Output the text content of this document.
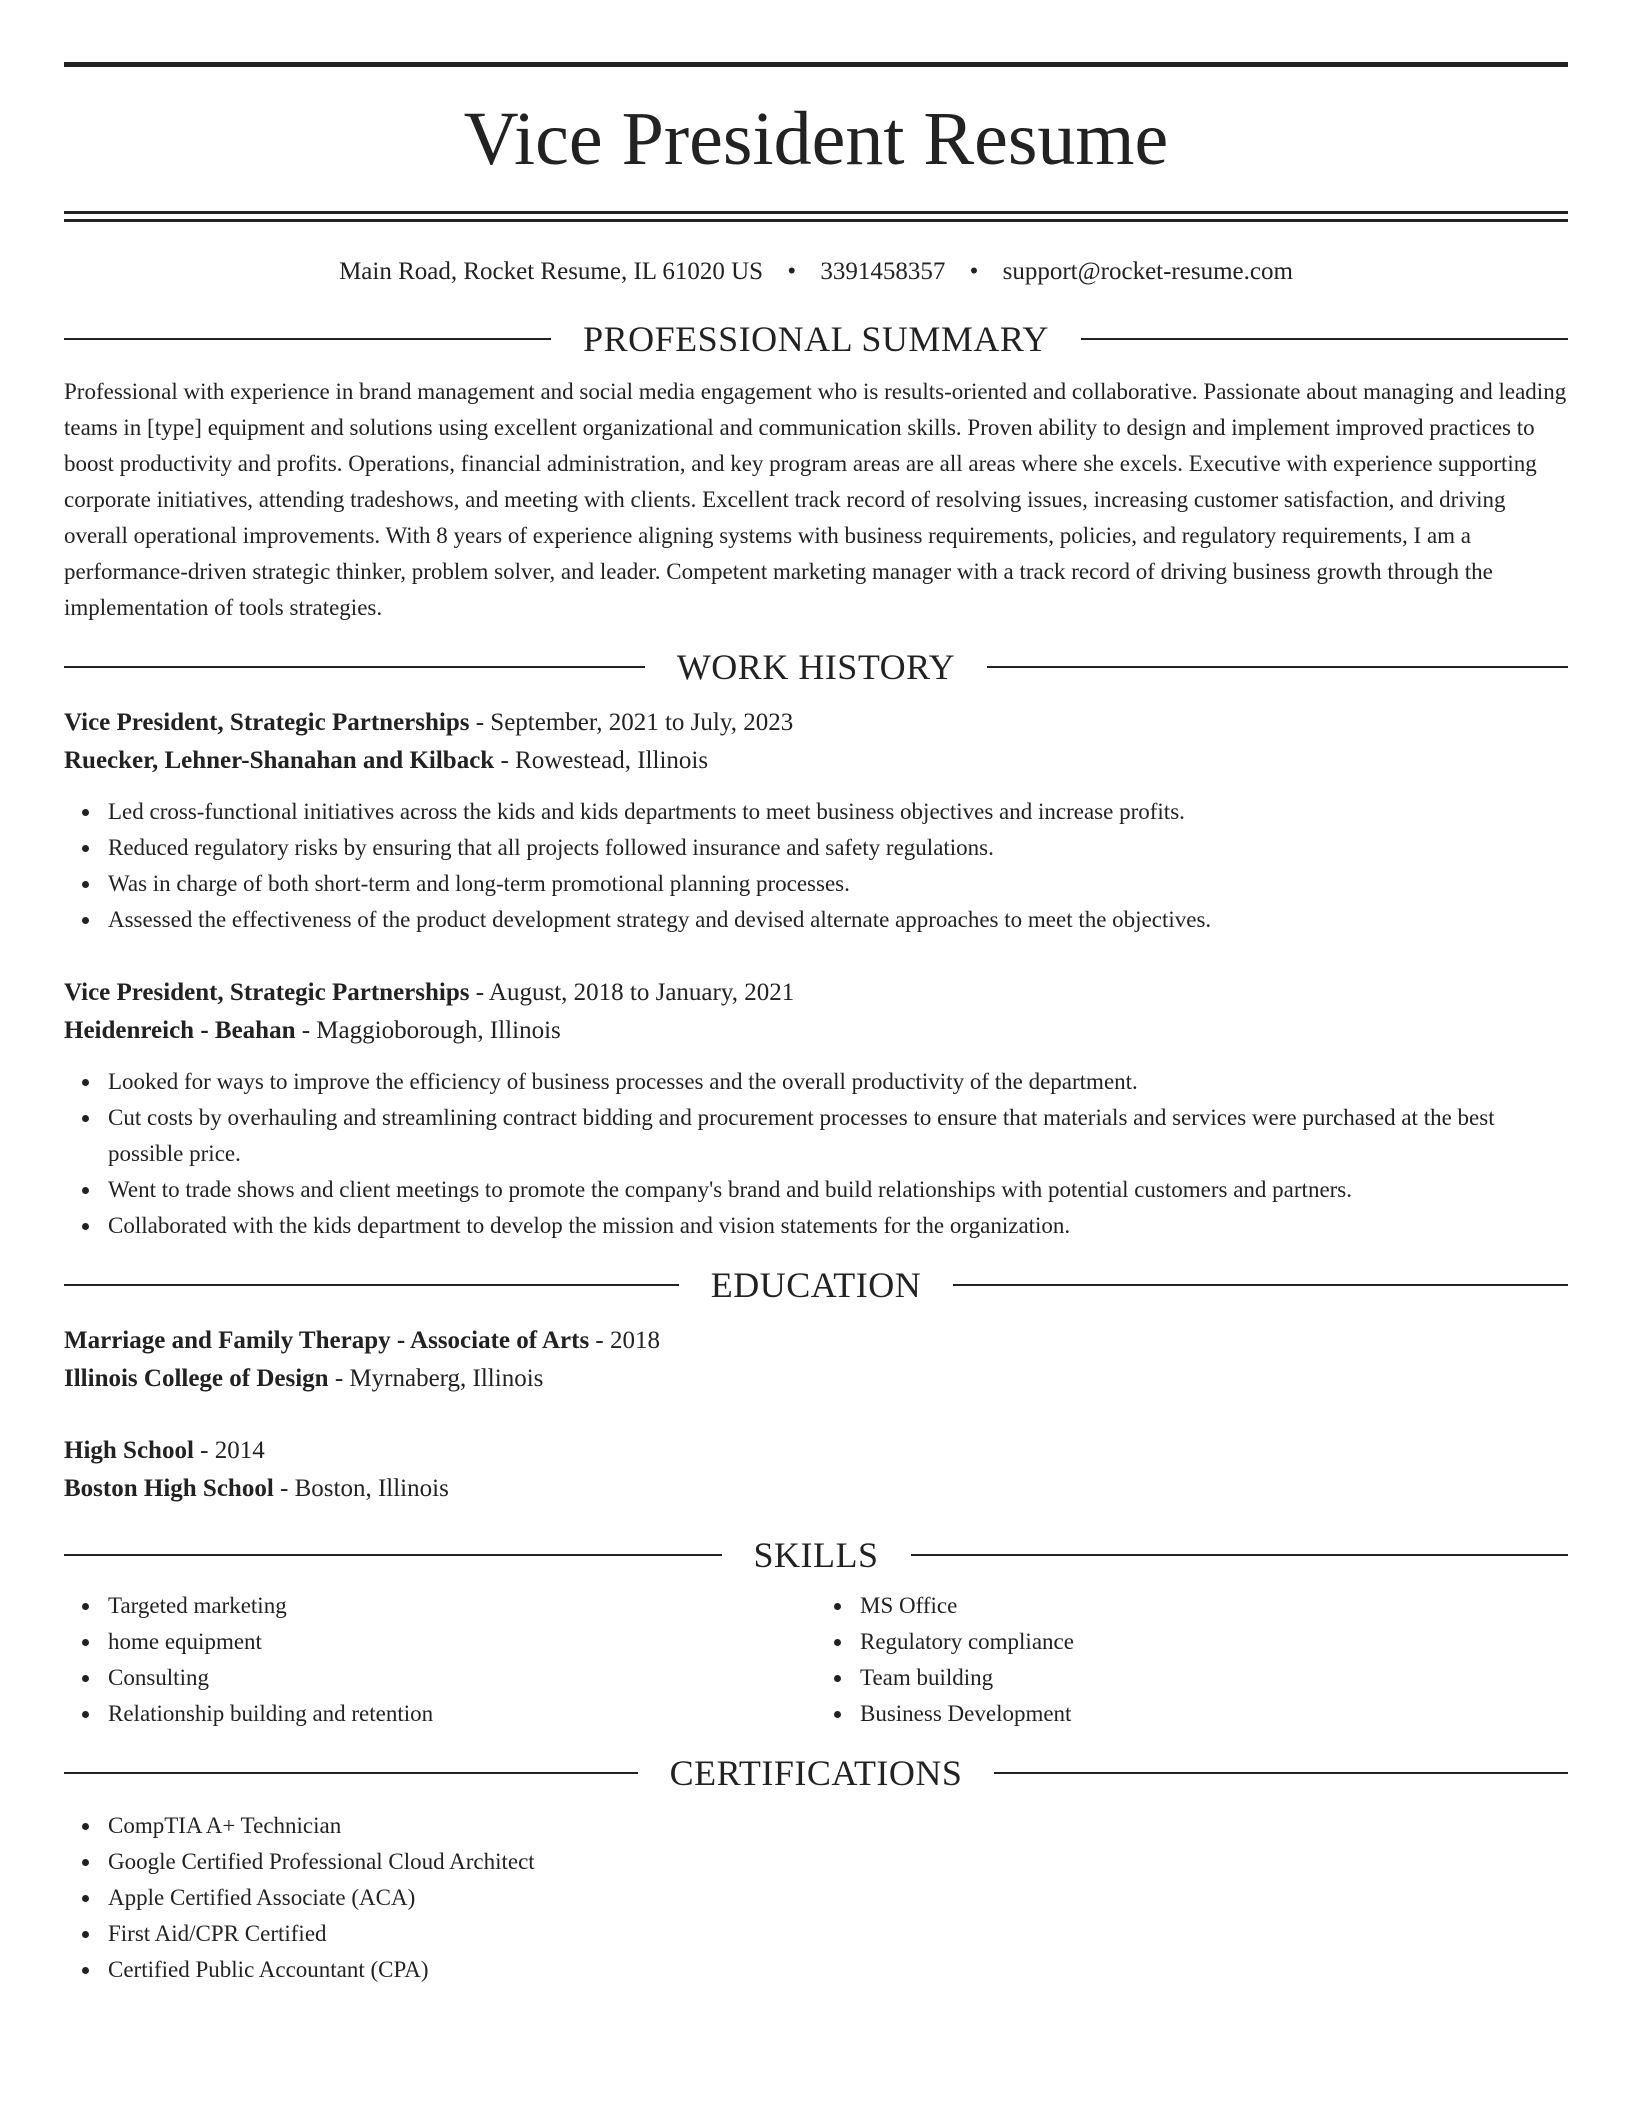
Vice President Resume
Main Road, Rocket Resume, IL 61020 US • 3391458357 • support@rocket-resume.com
PROFESSIONAL SUMMARY

Professional with experience in brand management and social media engagement who is results-oriented and collaborative. Passionate about managing and leading teams in [type] equipment and solutions using excellent organizational and communication skills. Proven ability to design and implement improved practices to boost productivity and profits. Operations, financial administration, and key program areas are all areas where she excels. Executive with experience supporting corporate initiatives, attending tradeshows, and meeting with clients. Excellent track record of resolving issues, increasing customer satisfaction, and driving overall operational improvements. With 8 years of experience aligning systems with business requirements, policies, and regulatory requirements, I am a performance-driven strategic thinker, problem solver, and leader. Competent marketing manager with a track record of driving business growth through the implementation of tools strategies.

WORK HISTORY
Vice President, Strategic Partnerships - September, 2021 to July, 2023
Ruecker, Lehner-Shanahan and Kilback - Rowestead, Illinois
Led cross-functional initiatives across the kids and kids departments to meet business objectives and increase profits.
Reduced regulatory risks by ensuring that all projects followed insurance and safety regulations.
Was in charge of both short-term and long-term promotional planning processes.
Assessed the effectiveness of the product development strategy and devised alternate approaches to meet the objectives.
Vice President, Strategic Partnerships - August, 2018 to January, 2021
Heidenreich - Beahan - Maggioborough, Illinois
Looked for ways to improve the efficiency of business processes and the overall productivity of the department.
Cut costs by overhauling and streamlining contract bidding and procurement processes to ensure that materials and services were purchased at the best possible price.
Went to trade shows and client meetings to promote the company's brand and build relationships with potential customers and partners.
Collaborated with the kids department to develop the mission and vision statements for the organization.
EDUCATION
Marriage and Family Therapy - Associate of Arts - 2018
Illinois College of Design - Myrnaberg, Illinois
High School - 2014
Boston High School - Boston, Illinois
SKILLS
Targeted marketing
home equipment
Consulting
Relationship building and retention
MS Office
Regulatory compliance
Team building
Business Development
CERTIFICATIONS
CompTIA A+ Technician
Google Certified Professional Cloud Architect
Apple Certified Associate (ACA)
First Aid/CPR Certified
Certified Public Accountant (CPA)
